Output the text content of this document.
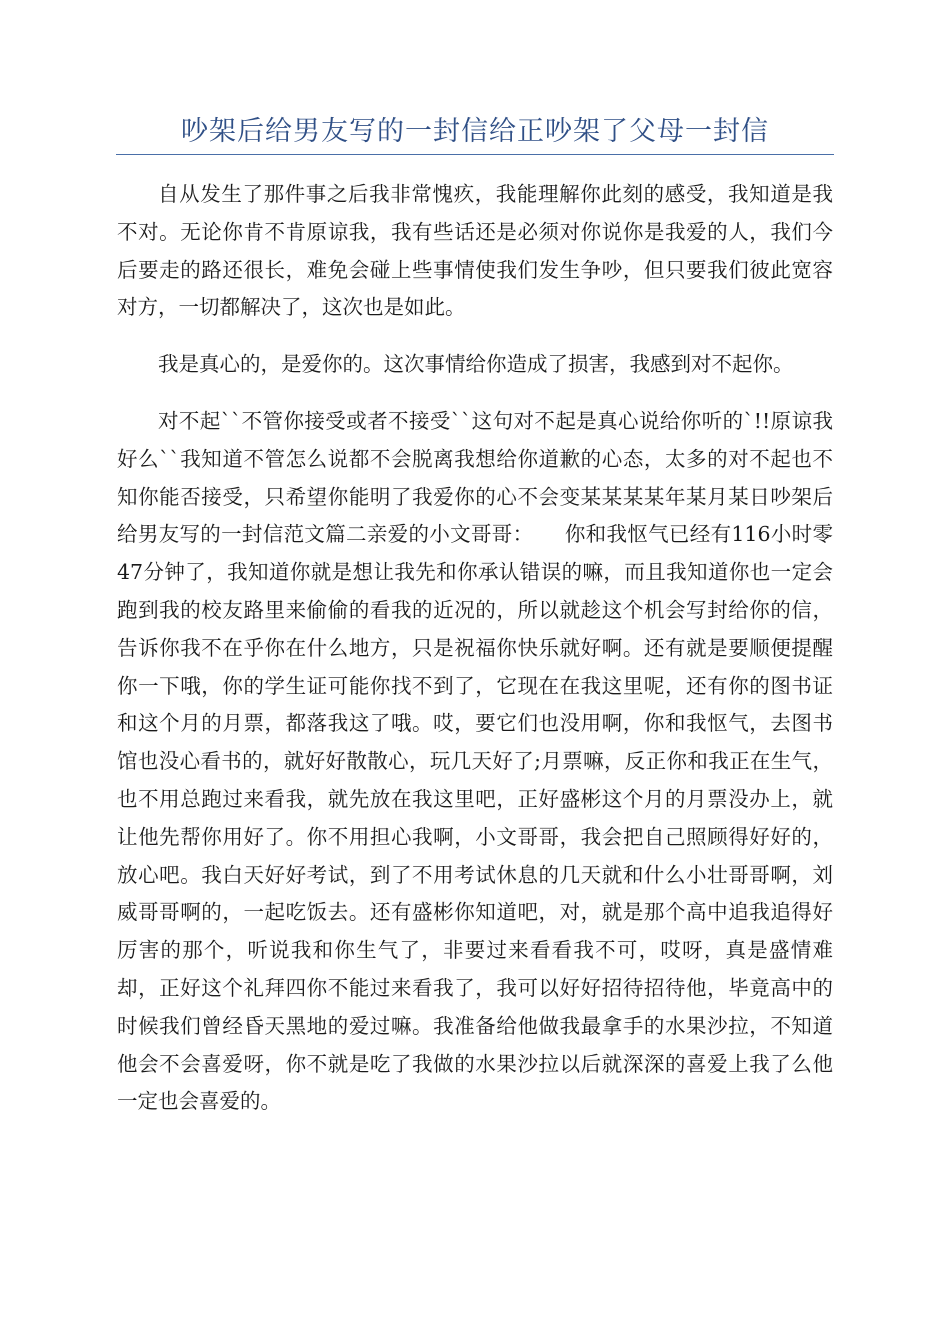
吵架后给男友写的一封信给正吵架了父母一封信

自从发生了那件事之后我非常愧疚，我能理解你此刻的感受，我知道是我不对。无论你肯不肯原谅我，我有些话还是必须对你说你是我爱的人，我们今后要走的路还很长，难免会碰上些事情使我们发生争吵，但只要我们彼此宽容对方，一切都解决了，这次也是如此。

我是真心的，是爱你的。这次事情给你造成了损害，我感到对不起你。

对不起``不管你接受或者不接受``这句对不起是真心说给你听的`!!原谅我好么``我知道不管怎么说都不会脱离我想给你道歉的心态，太多的对不起也不知你能否接受，只希望你能明了我爱你的心不会变某某某某年某月某日吵架后给男友写的一封信范文篇二亲爱的小文哥哥：　　你和我怄气已经有116小时零47分钟了，我知道你就是想让我先和你承认错误的嘛，而且我知道你也一定会跑到我的校友路里来偷偷的看我的近况的，所以就趁这个机会写封给你的信，告诉你我不在乎你在什么地方，只是祝福你快乐就好啊。还有就是要顺便提醒你一下哦，你的学生证可能你找不到了，它现在在我这里呢，还有你的图书证和这个月的月票，都落我这了哦。哎，要它们也没用啊，你和我怄气，去图书馆也没心看书的，就好好散散心，玩几天好了;月票嘛，反正你和我正在生气，也不用总跑过来看我，就先放在我这里吧，正好盛彬这个月的月票没办上，就让他先帮你用好了。你不用担心我啊，小文哥哥，我会把自己照顾得好好的，放心吧。我白天好好考试，到了不用考试休息的几天就和什么小壮哥哥啊，刘威哥哥啊的，一起吃饭去。还有盛彬你知道吧，对，就是那个高中追我追得好厉害的那个，听说我和你生气了，非要过来看看我不可，哎呀，真是盛情难却，正好这个礼拜四你不能过来看我了，我可以好好招待招待他，毕竟高中的时候我们曾经昏天黑地的爱过嘛。我准备给他做我最拿手的水果沙拉，不知道他会不会喜爱呀，你不就是吃了我做的水果沙拉以后就深深的喜爱上我了么他一定也会喜爱的。
